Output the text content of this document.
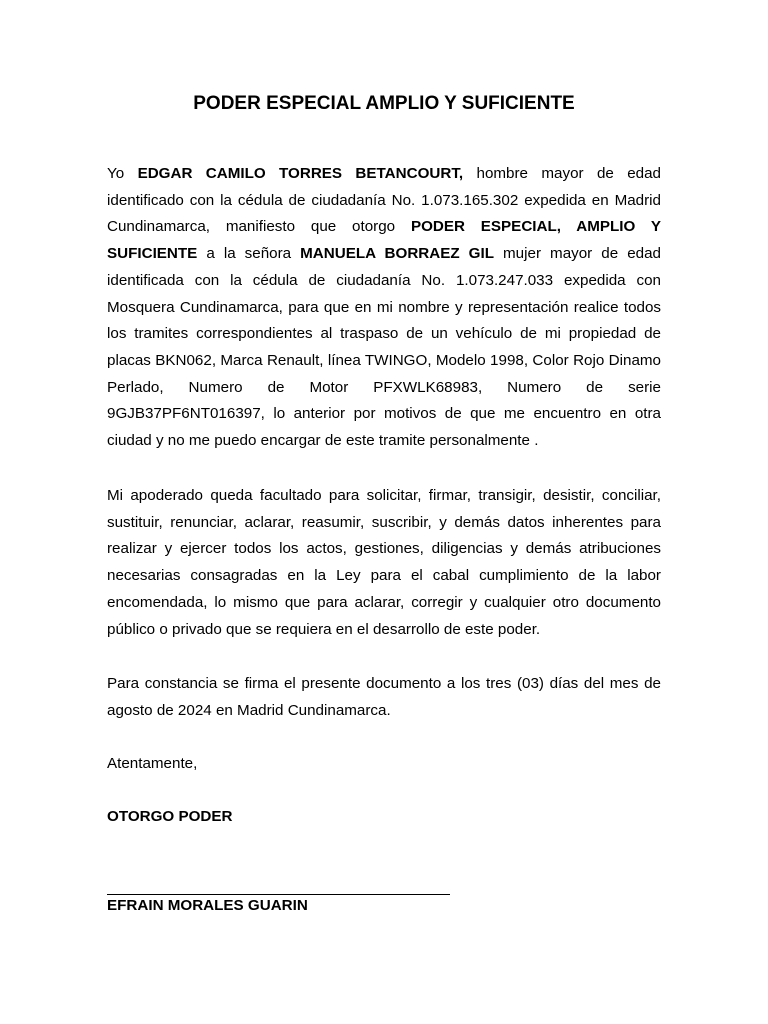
PODER ESPECIAL AMPLIO Y SUFICIENTE

Yo EDGAR CAMILO TORRES BETANCOURT, hombre mayor de edad identificado con la cédula de ciudadanía No. 1.073.165.302 expedida en Madrid Cundinamarca, manifiesto que otorgo PODER ESPECIAL, AMPLIO Y SUFICIENTE a la señora MANUELA BORRAEZ GIL mujer mayor de edad identificada con la cédula de ciudadanía No. 1.073.247.033 expedida con Mosquera Cundinamarca, para que en mi nombre y representación realice todos los tramites correspondientes al traspaso de un vehículo de mi propiedad de placas BKN062, Marca Renault, línea TWINGO, Modelo 1998, Color Rojo Dinamo Perlado, Numero de Motor PFXWLK68983, Numero de serie 9GJB37PF6NT016397, lo anterior por motivos de que me encuentro en otra ciudad y no me puedo encargar de este tramite personalmente .

Mi apoderado queda facultado para solicitar, firmar, transigir, desistir, conciliar, sustituir, renunciar, aclarar, reasumir, suscribir, y demás datos inherentes para realizar y ejercer todos los actos, gestiones, diligencias y demás atribuciones necesarias consagradas en la Ley para el cabal cumplimiento de la labor encomendada, lo mismo que para aclarar, corregir y cualquier otro documento público o privado que se requiera en el desarrollo de este poder.

Para constancia se firma el presente documento a los tres (03) días del mes de agosto de 2024 en Madrid Cundinamarca.

Atentamente,

OTORGO PODER

EFRAIN MORALES GUARIN
